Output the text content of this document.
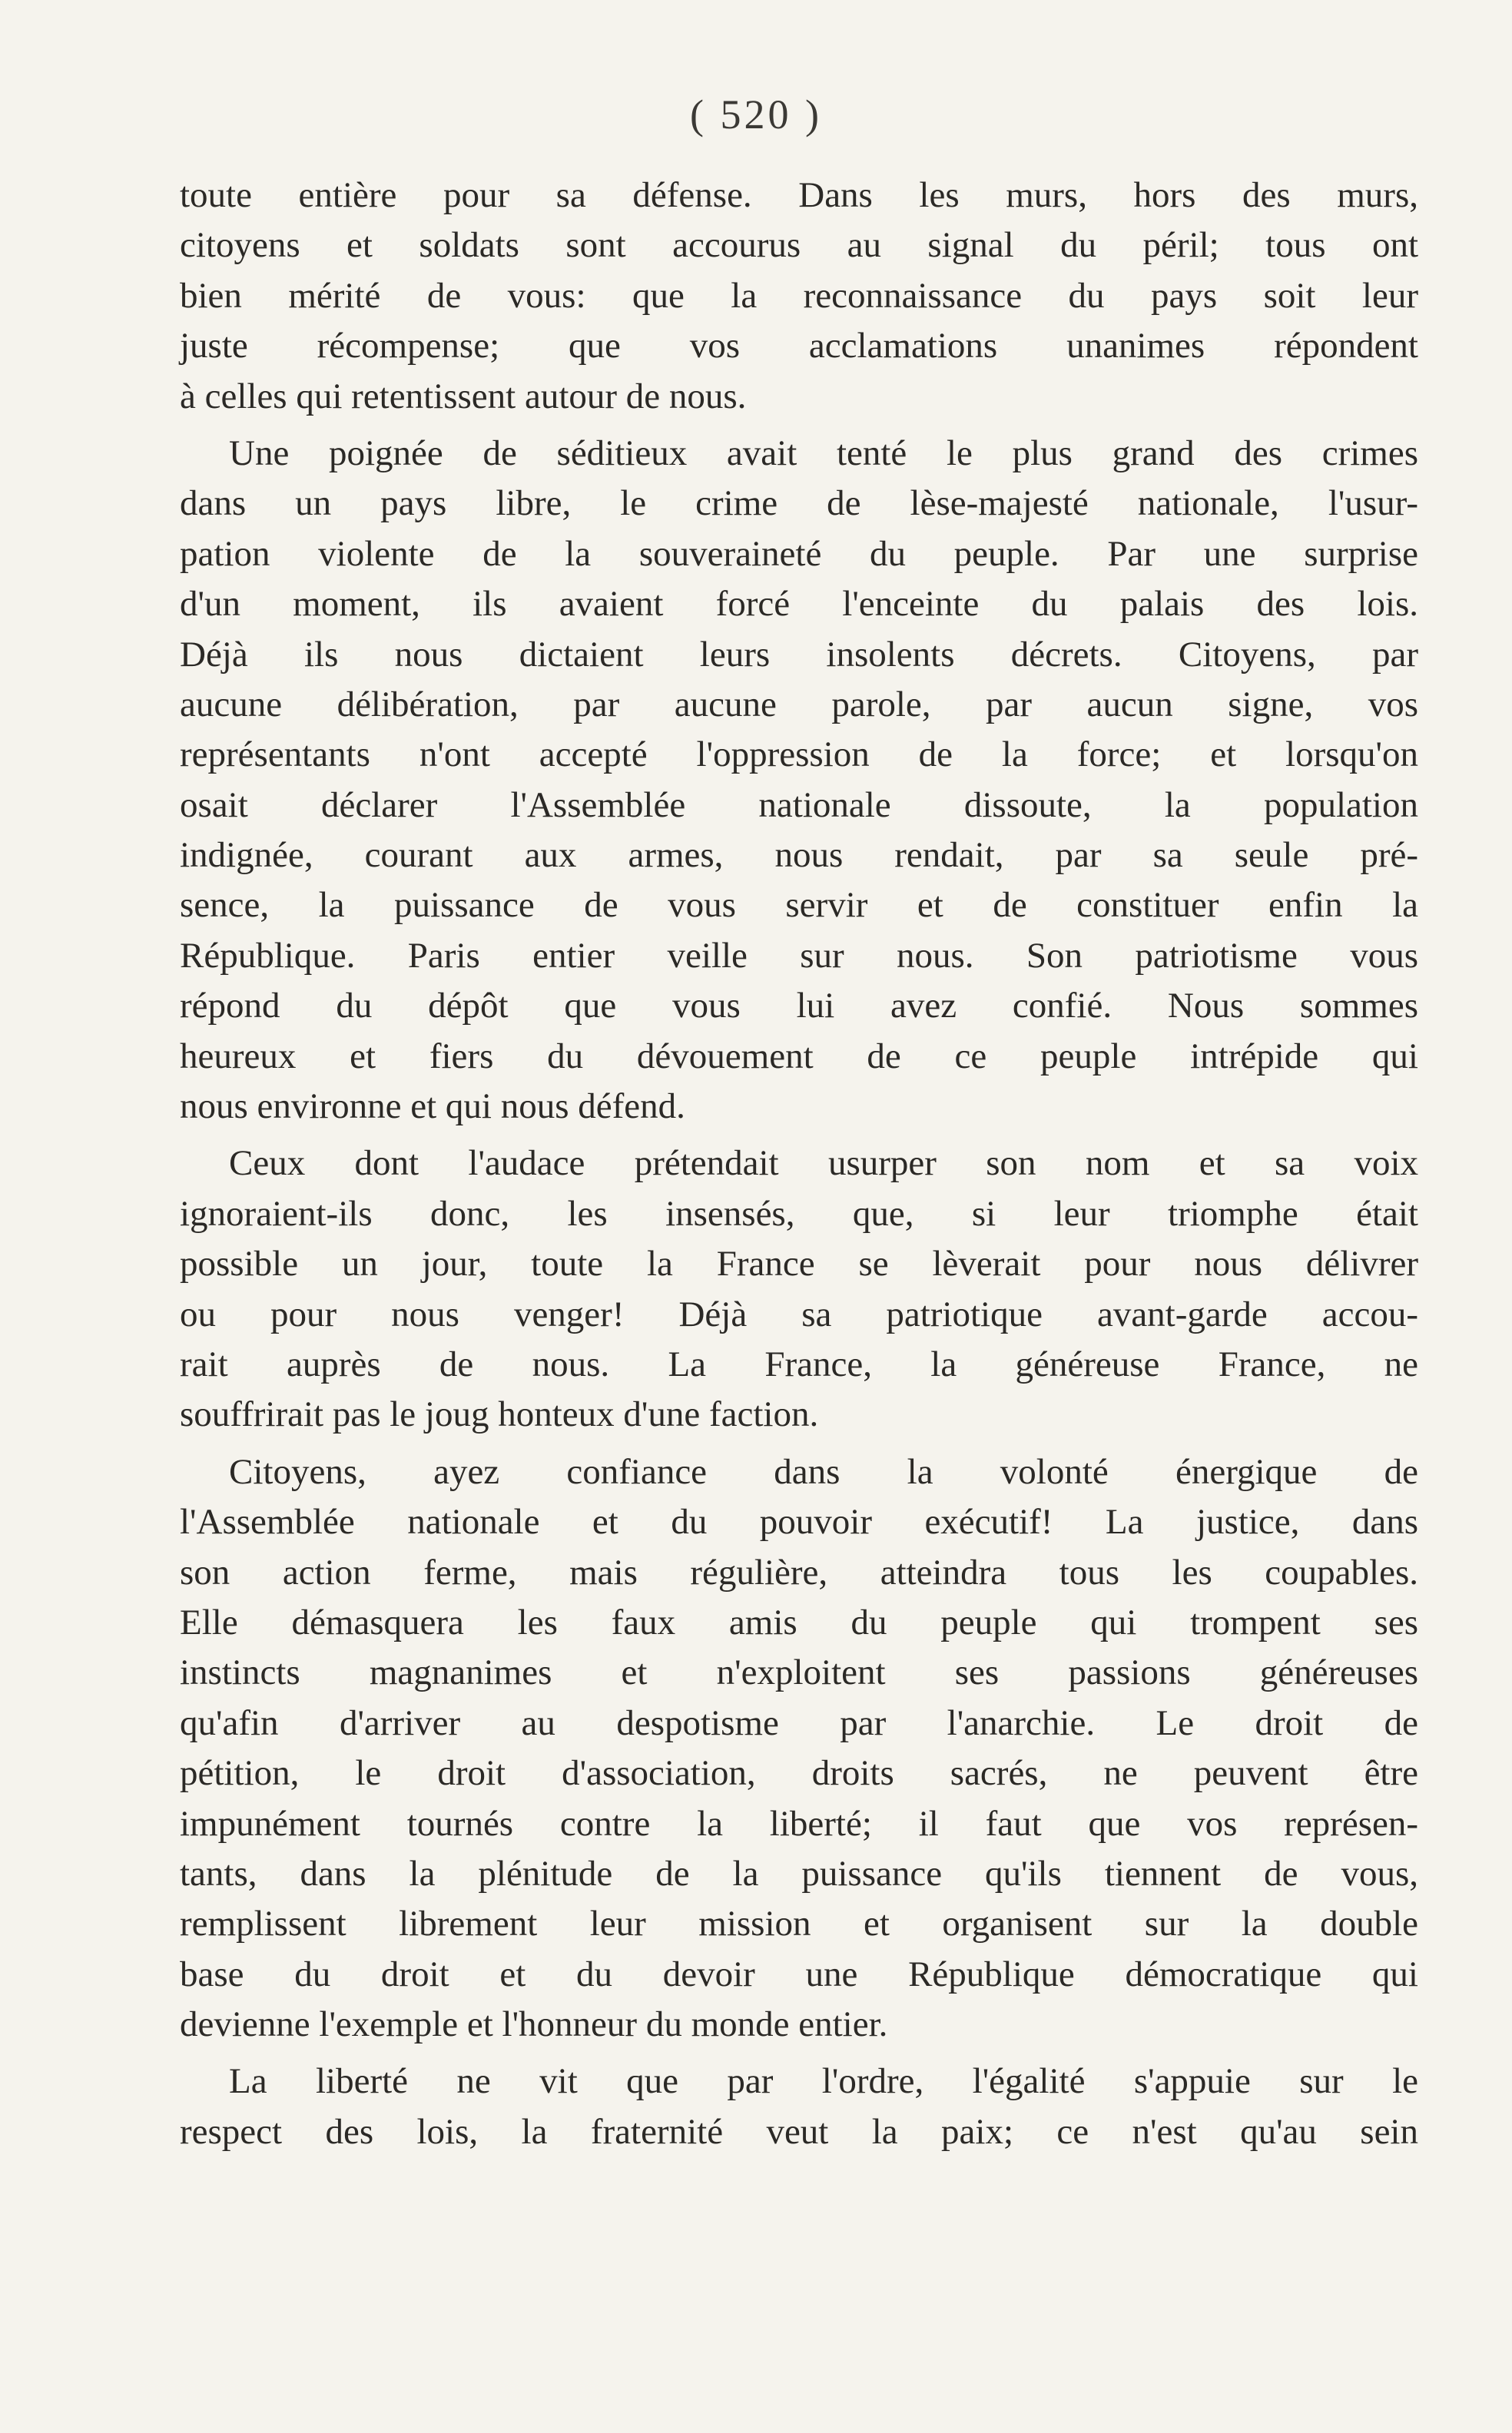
( 520 )
toute entière pour sa défense. Dans les murs, hors des murs,
citoyens et soldats sont accourus au signal du péril; tous ont
bien mérité de vous: que la reconnaissance du pays soit leur
juste récompense; que vos acclamations unanimes répondent
à celles qui retentissent autour de nous.
Une poignée de séditieux avait tenté le plus grand des crimes
dans un pays libre, le crime de lèse-majesté nationale, l'usur-
pation violente de la souveraineté du peuple. Par une surprise
d'un moment, ils avaient forcé l'enceinte du palais des lois.
Déjà ils nous dictaient leurs insolents décrets. Citoyens, par
aucune délibération, par aucune parole, par aucun signe, vos
représentants n'ont accepté l'oppression de la force; et lorsqu'on
osait déclarer l'Assemblée nationale dissoute, la population
indignée, courant aux armes, nous rendait, par sa seule pré-
sence, la puissance de vous servir et de constituer enfin la
République. Paris entier veille sur nous. Son patriotisme vous
répond du dépôt que vous lui avez confié. Nous sommes
heureux et fiers du dévouement de ce peuple intrépide qui
nous environne et qui nous défend.
Ceux dont l'audace prétendait usurper son nom et sa voix
ignoraient-ils donc, les insensés, que, si leur triomphe était
possible un jour, toute la France se lèverait pour nous délivrer
ou pour nous venger! Déjà sa patriotique avant-garde accou-
rait auprès de nous. La France, la généreuse France, ne
souffrirait pas le joug honteux d'une faction.
Citoyens, ayez confiance dans la volonté énergique de
l'Assemblée nationale et du pouvoir exécutif! La justice, dans
son action ferme, mais régulière, atteindra tous les coupables.
Elle démasquera les faux amis du peuple qui trompent ses
instincts magnanimes et n'exploitent ses passions généreuses
qu'afin d'arriver au despotisme par l'anarchie. Le droit de
pétition, le droit d'association, droits sacrés, ne peuvent être
impunément tournés contre la liberté; il faut que vos représen-
tants, dans la plénitude de la puissance qu'ils tiennent de vous,
remplissent librement leur mission et organisent sur la double
base du droit et du devoir une République démocratique qui
devienne l'exemple et l'honneur du monde entier.
La liberté ne vit que par l'ordre, l'égalité s'appuie sur le
respect des lois, la fraternité veut la paix; ce n'est qu'au sein
